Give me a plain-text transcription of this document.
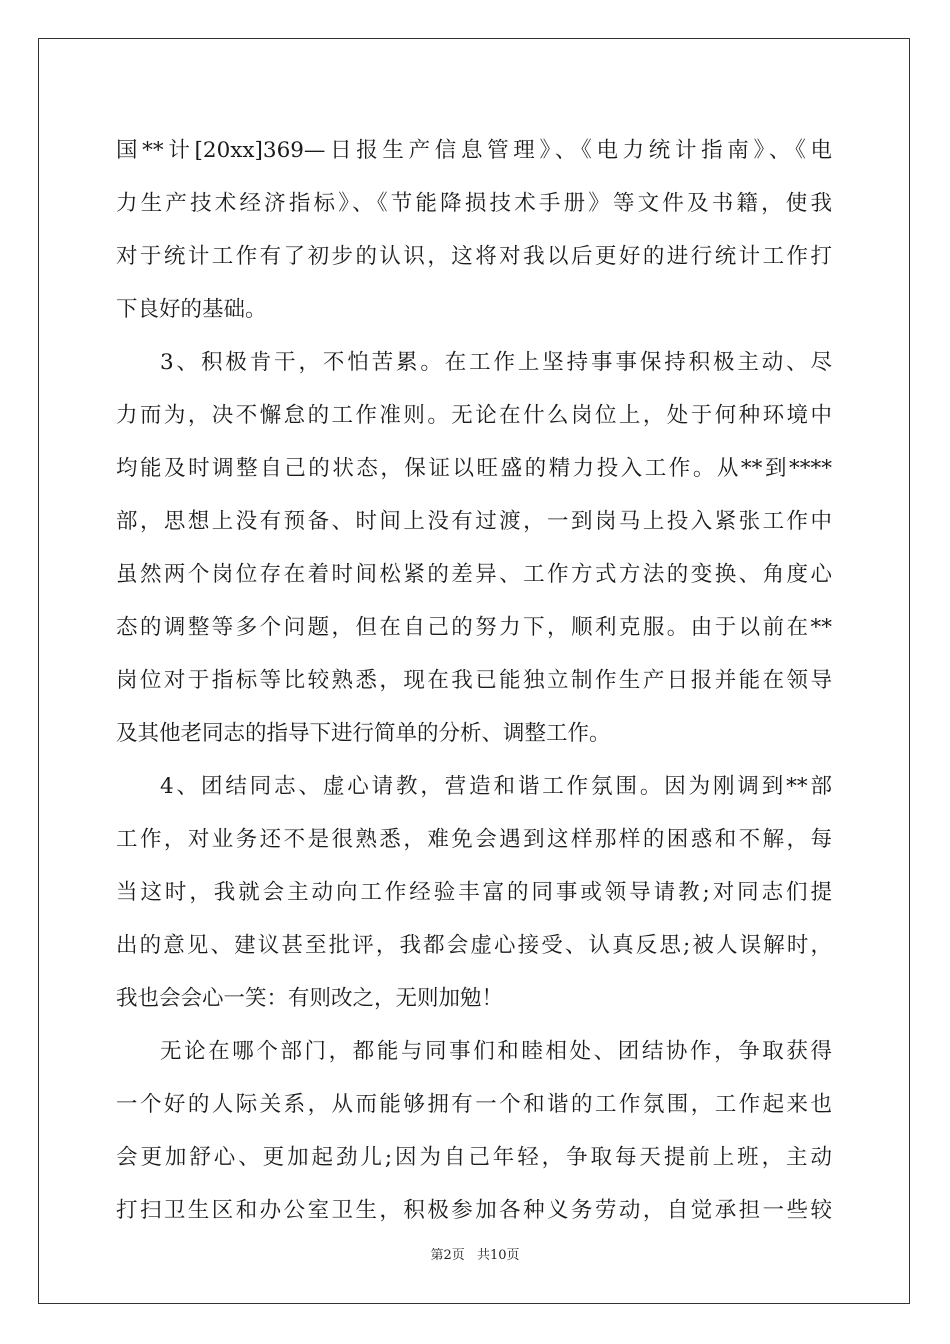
国**计[20xx]369—日报生产信息管理》、《电力统计指南》、《电

力生产技术经济指标》、《节能降损技术手册》等文件及书籍，使我

对于统计工作有了初步的认识，这将对我以后更好的进行统计工作打

下良好的基础。

3、积极肯干，不怕苦累。在工作上坚持事事保持积极主动、尽

力而为，决不懈怠的工作准则。无论在什么岗位上，处于何种环境中

均能及时调整自己的状态，保证以旺盛的精力投入工作。从**到****

部，思想上没有预备、时间上没有过渡，一到岗马上投入紧张工作中

虽然两个岗位存在着时间松紧的差异、工作方式方法的变换、角度心

态的调整等多个问题，但在自己的努力下，顺利克服。由于以前在**

岗位对于指标等比较熟悉，现在我已能独立制作生产日报并能在领导

及其他老同志的指导下进行简单的分析、调整工作。

4、团结同志、虚心请教，营造和谐工作氛围。因为刚调到**部

工作，对业务还不是很熟悉，难免会遇到这样那样的困惑和不解，每

当这时，我就会主动向工作经验丰富的同事或领导请教;对同志们提

出的意见、建议甚至批评，我都会虚心接受、认真反思;被人误解时，

我也会会心一笑：有则改之，无则加勉！

无论在哪个部门，都能与同事们和睦相处、团结协作，争取获得

一个好的人际关系，从而能够拥有一个和谐的工作氛围，工作起来也

会更加舒心、更加起劲儿;因为自己年轻，争取每天提前上班，主动

打扫卫生区和办公室卫生，积极参加各种义务劳动，自觉承担一些较

第2页 共10页
